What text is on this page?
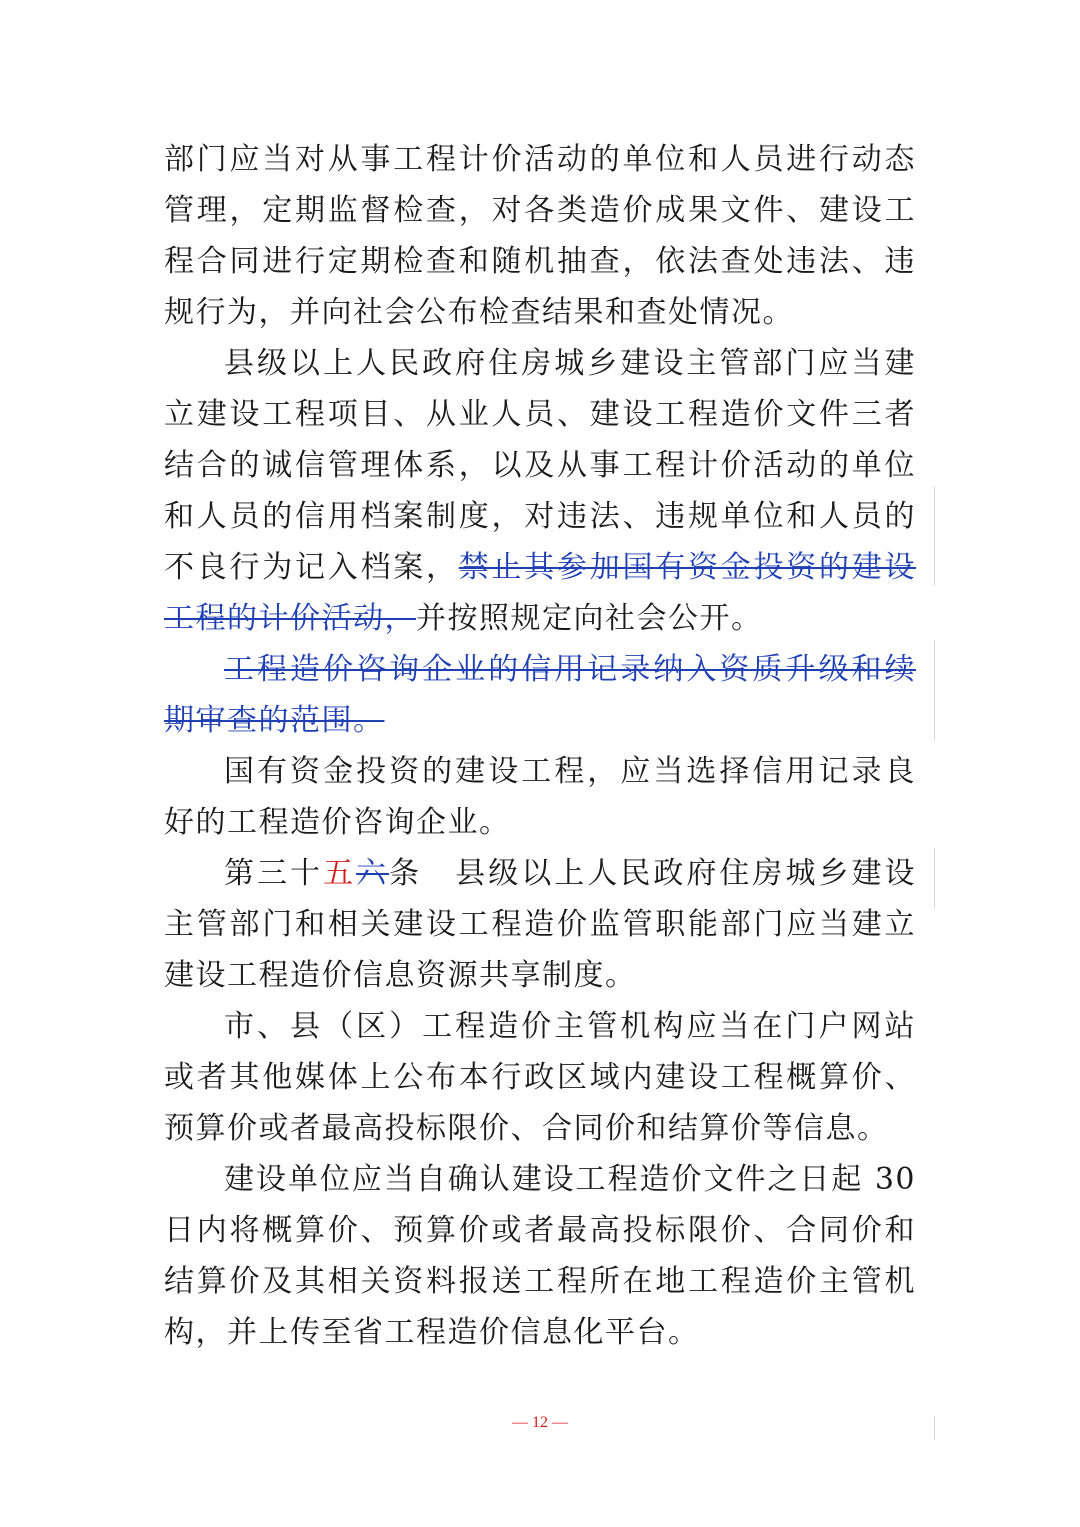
部门应当对从事工程计价活动的单位和人员进行动态管理，定期监督检查，对各类造价成果文件、建设工程合同进行定期检查和随机抽查，依法查处违法、违规行为，并向社会公布检查结果和查处情况。

县级以上人民政府住房城乡建设主管部门应当建立建设工程项目、从业人员、建设工程造价文件三者结合的诚信管理体系，以及从事工程计价活动的单位和人员的信用档案制度，对违法、违规单位和人员的不良行为记入档案，禁止其参加国有资金投资的建设工程的计价活动，并按照规定向社会公开。

工程造价咨询企业的信用记录纳入资质升级和续期审查的范围。

国有资金投资的建设工程，应当选择信用记录良好的工程造价咨询企业。

第三十五六条　县级以上人民政府住房城乡建设主管部门和相关建设工程造价监管职能部门应当建立建设工程造价信息资源共享制度。

市、县（区）工程造价主管机构应当在门户网站或者其他媒体上公布本行政区域内建设工程概算价、预算价或者最高投标限价、合同价和结算价等信息。

建设单位应当自确认建设工程造价文件之日起 30 日内将概算价、预算价或者最高投标限价、合同价和结算价及其相关资料报送工程所在地工程造价主管机构，并上传至省工程造价信息化平台。

— 12 —
